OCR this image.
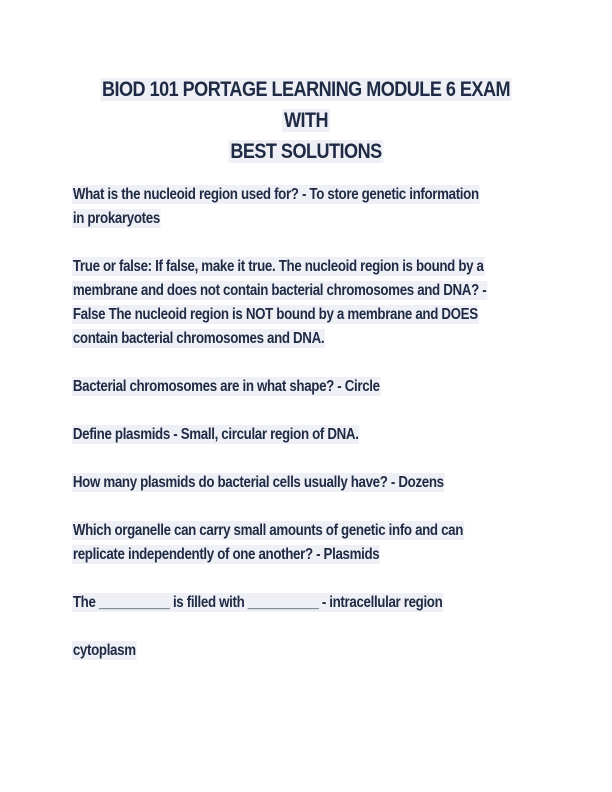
BIOD 101 PORTAGE LEARNING MODULE 6 EXAM WITH
BEST SOLUTIONS
What is the nucleoid region used for? - To store genetic information
in prokaryotes
True or false: If false, make it true. The nucleoid region is bound by a
membrane and does not contain bacterial chromosomes and DNA? -
False The nucleoid region is NOT bound by a membrane and DOES
contain bacterial chromosomes and DNA.
Bacterial chromosomes are in what shape? - Circle
Define plasmids - Small, circular region of DNA.
How many plasmids do bacterial cells usually have? - Dozens
Which organelle can carry small amounts of genetic info and can
replicate independently of one another? - Plasmids
The __________ is filled with __________ - intracellular region
cytoplasm
